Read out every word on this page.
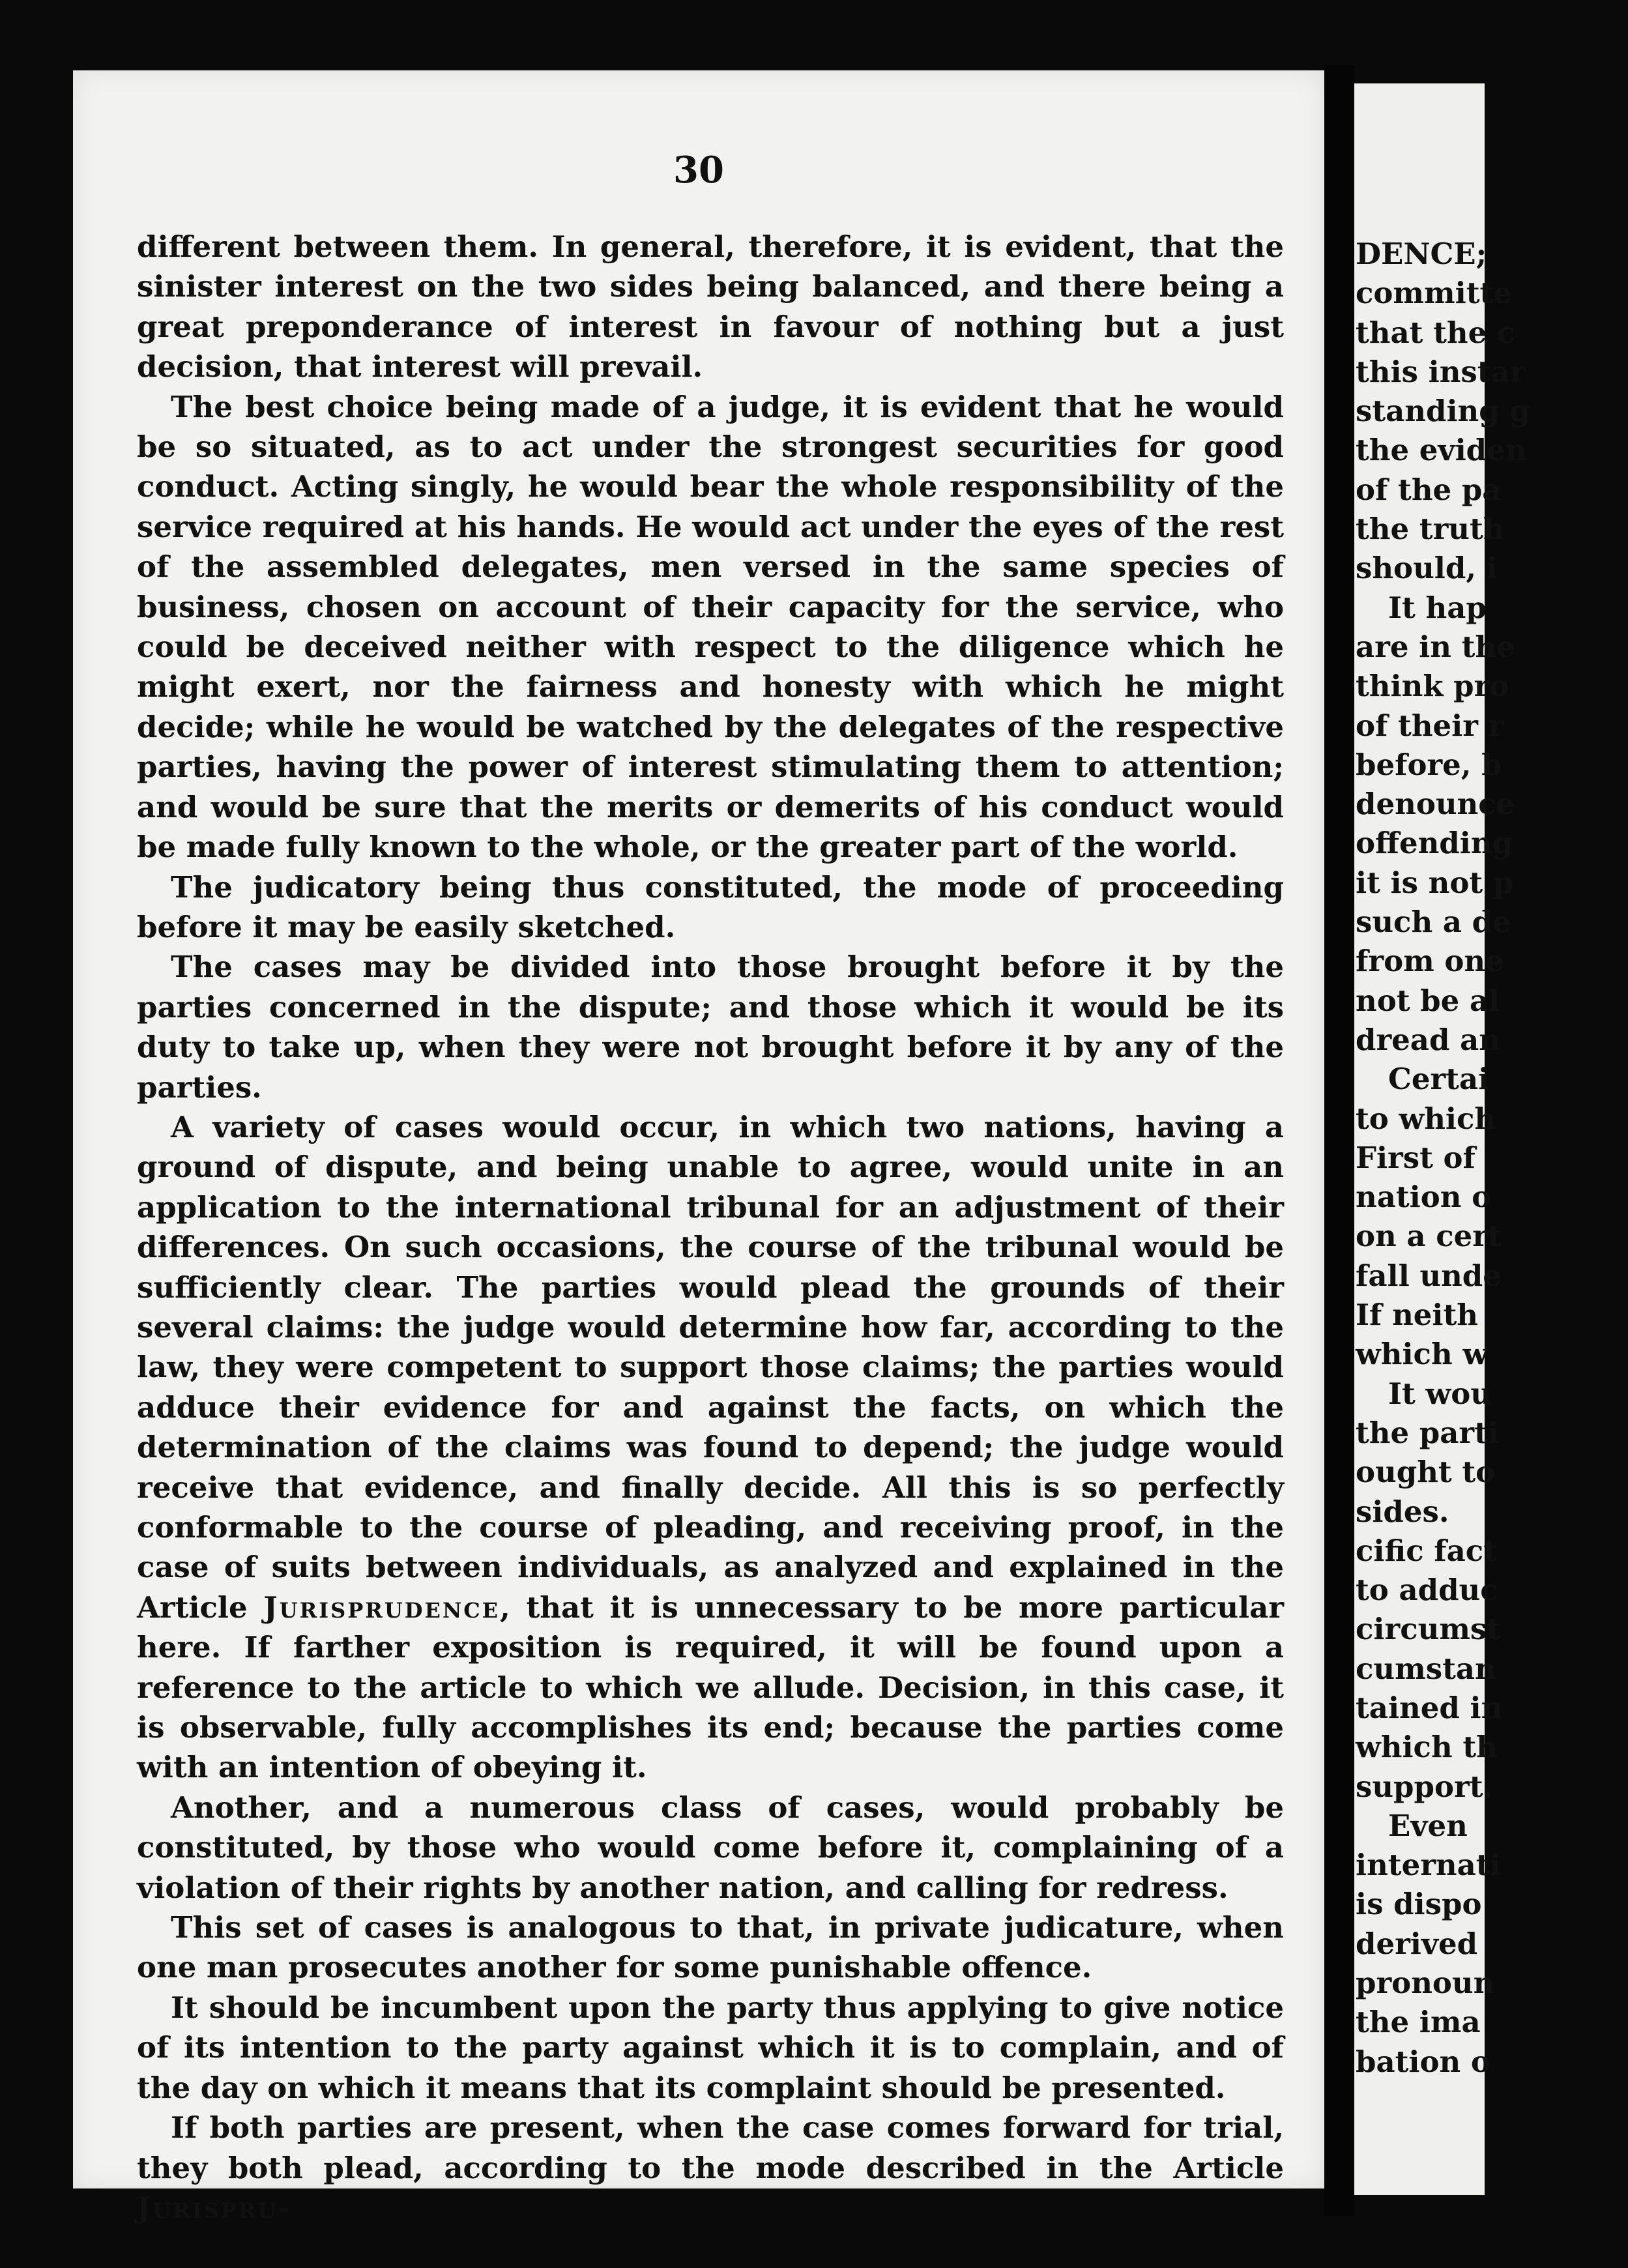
30

different between them. In general, therefore, it is evident, that the sinister interest on the two sides being balanced, and there being a great preponderance of interest in favour of nothing but a just decision, that interest will prevail.

The best choice being made of a judge, it is evident that he would be so situated, as to act under the strongest securities for good conduct. Acting singly, he would bear the whole responsibility of the service required at his hands. He would act under the eyes of the rest of the assembled delegates, men versed in the same species of business, chosen on account of their capacity for the service, who could be deceived neither with respect to the diligence which he might exert, nor the fairness and honesty with which he might decide; while he would be watched by the delegates of the respective parties, having the power of interest stimulating them to attention; and would be sure that the merits or demerits of his conduct would be made fully known to the whole, or the greater part of the world.

The judicatory being thus constituted, the mode of proceeding before it may be easily sketched.

The cases may be divided into those brought before it by the parties concerned in the dispute; and those which it would be its duty to take up, when they were not brought before it by any of the parties.

A variety of cases would occur, in which two nations, having a ground of dispute, and being unable to agree, would unite in an application to the international tribunal for an adjustment of their differences. On such occasions, the course of the tribunal would be sufficiently clear. The parties would plead the grounds of their several claims: the judge would determine how far, according to the law, they were competent to support those claims; the parties would adduce their evidence for and against the facts, on which the determination of the claims was found to depend; the judge would receive that evidence, and finally decide. All this is so perfectly conformable to the course of pleading, and receiving proof, in the case of suits between individuals, as analyzed and explained in the Article Jurisprudence, that it is unnecessary to be more particular here. If farther exposition is required, it will be found upon a reference to the article to which we allude. Decision, in this case, it is observable, fully accomplishes its end; because the parties come with an intention of obeying it.

Another, and a numerous class of cases, would probably be constituted, by those who would come before it, complaining of a violation of their rights by another nation, and calling for redress.

This set of cases is analogous to that, in private judicature, when one man prosecutes another for some punishable offence.

It should be incumbent upon the party thus applying to give notice of its intention to the party against which it is to complain, and of the day on which it means that its complaint should be presented.

If both parties are present, when the case comes forward for trial, they both plead, according to the mode described in the Article Jurispru-

DENCE;
committe
that the c
this instar
standing g
the eviden
of the pa
the truth
should, i
It hap
are in the
think pro
of their r
before, b
denounce
offending
it is not p
such a de
from one
not be al
dread an
Certai
to which
First of
nation o
on a cert
fall unde
If neith
which w
It wou
the parti
ought to
sides.
cific fact
to adduc
circumst
cumstan
tained in
which th
support.
Even
internati
is dispo
derived
pronoun
the ima
bation o
